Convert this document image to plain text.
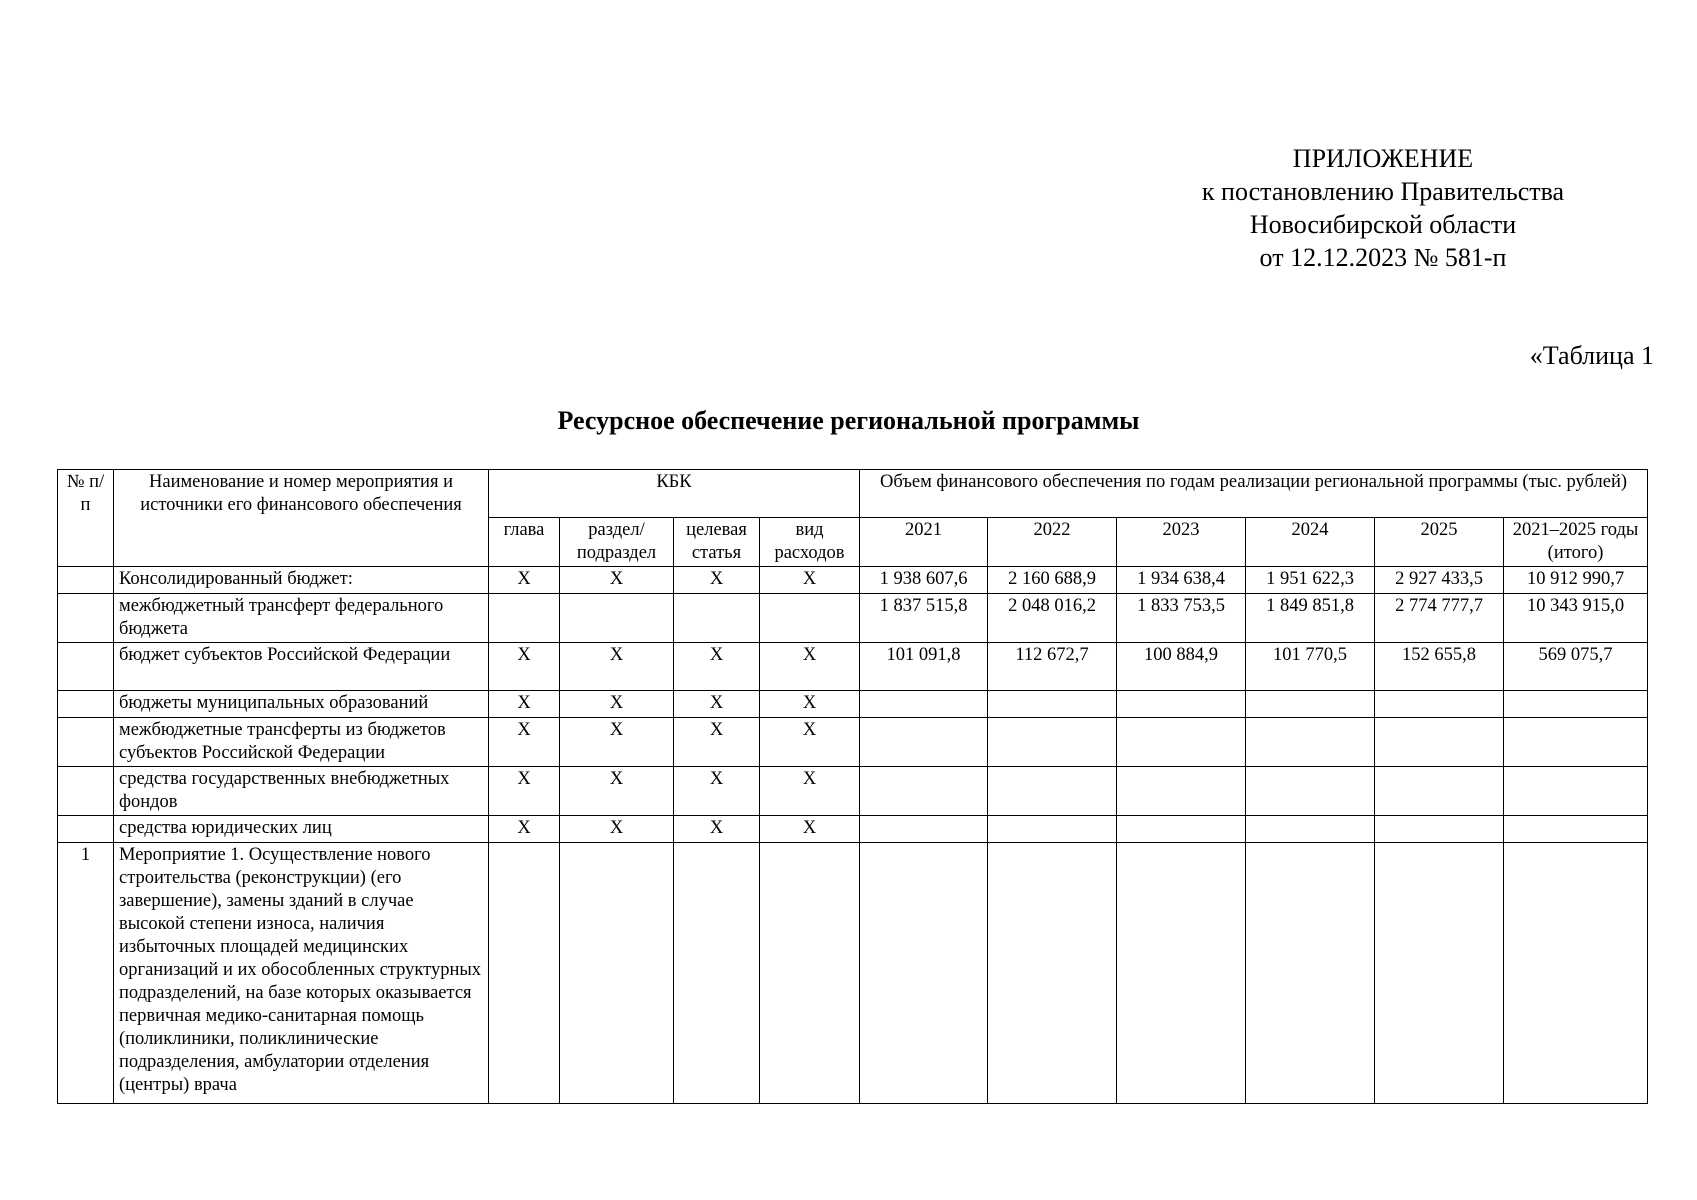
ПРИЛОЖЕНИЕ
к постановлению Правительства
Новосибирской области
от 12.12.2023 № 581-п
«Таблица 1
Ресурсное обеспечение региональной программы
№ п/п	Наименование и номер мероприятия и источники его финансового обеспечения	КБК				Объем финансового обеспечения по годам реализации региональной программы (тыс. рублей)					
		глава	раздел/ подраздел	целевая статья	вид расходов	2021	2022	2023	2024	2025	2021–2025 годы (итого)
	Консолидированный бюджет:	Х	Х	Х	Х	1 938 607,6	2 160 688,9	1 934 638,4	1 951 622,3	2 927 433,5	10 912 990,7
	межбюджетный трансферт федерального бюджета					1 837 515,8	2 048 016,2	1 833 753,5	1 849 851,8	2 774 777,7	10 343 915,0
	бюджет субъектов Российской Федерации	Х	Х	Х	Х	101 091,8	112 672,7	100 884,9	101 770,5	152 655,8	569 075,7
	бюджеты муниципальных образований	Х	Х	Х	Х						
	межбюджетные трансферты из бюджетов субъектов Российской Федерации	Х	Х	Х	Х						
	средства государственных внебюджетных фондов	Х	Х	Х	Х						
	средства юридических лиц	Х	Х	Х	Х						
1	Мероприятие 1. Осуществление нового строительства (реконструкции) (его завершение), замены зданий в случае высокой степени износа, наличия избыточных площадей медицинских организаций и их обособленных структурных подразделений, на базе которых оказывается первичная медико-санитарная помощь (поликлиники, поликлинические подразделения, амбулатории отделения (центры) врача										
